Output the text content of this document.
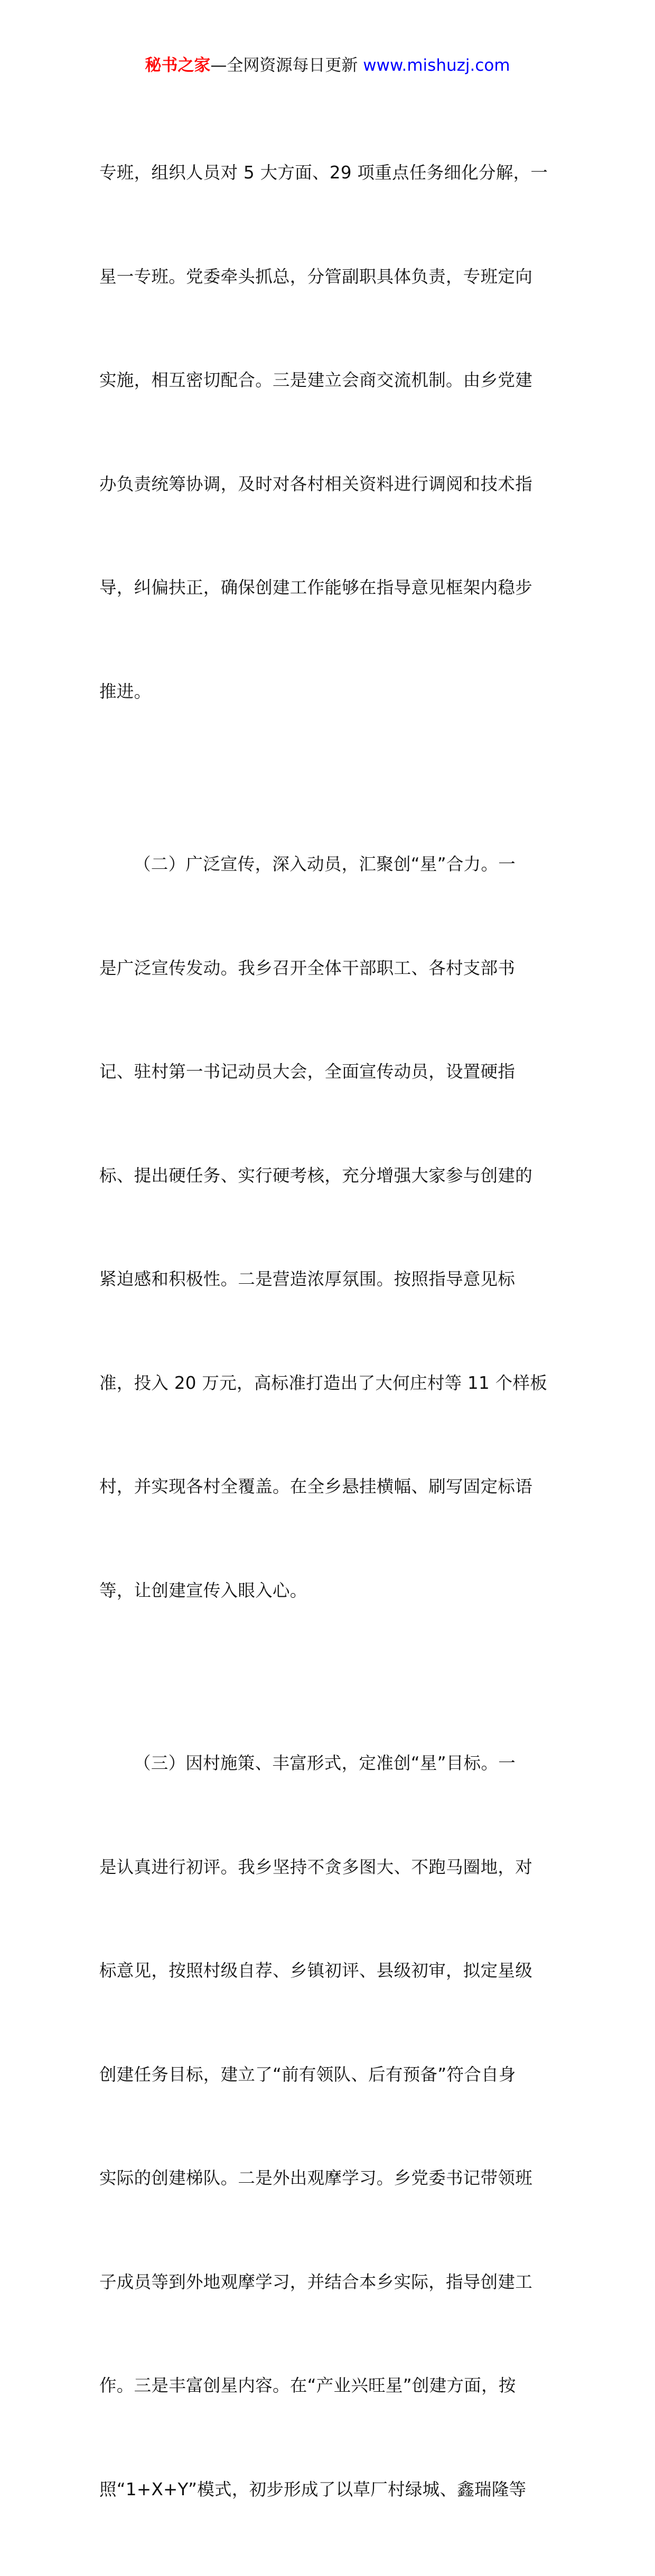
秘书之家—全网资源每日更新 www.mishuzj.com

专班，组织人员对 5 大方面、29 项重点任务细化分解，一

星一专班。党委牵头抓总，分管副职具体负责，专班定向

实施，相互密切配合。三是建立会商交流机制。由乡党建

办负责统筹协调，及时对各村相关资料进行调阅和技术指

导，纠偏扶正，确保创建工作能够在指导意见框架内稳步

推进。

（二）广泛宣传，深入动员，汇聚创“星”合力。一

是广泛宣传发动。我乡召开全体干部职工、各村支部书

记、驻村第一书记动员大会，全面宣传动员，设置硬指

标、提出硬任务、实行硬考核，充分增强大家参与创建的

紧迫感和积极性。二是营造浓厚氛围。按照指导意见标

准，投入 20 万元，高标准打造出了大何庄村等 11 个样板

村，并实现各村全覆盖。在全乡悬挂横幅、刷写固定标语

等，让创建宣传入眼入心。

（三）因村施策、丰富形式，定准创“星”目标。一

是认真进行初评。我乡坚持不贪多图大、不跑马圈地，对

标意见，按照村级自荐、乡镇初评、县级初审，拟定星级

创建任务目标，建立了“前有领队、后有预备”符合自身

实际的创建梯队。二是外出观摩学习。乡党委书记带领班

子成员等到外地观摩学习，并结合本乡实际，指导创建工

作。三是丰富创星内容。在“产业兴旺星”创建方面，按

照“1+X+Y”模式，初步形成了以草厂村绿城、鑫瑞隆等
